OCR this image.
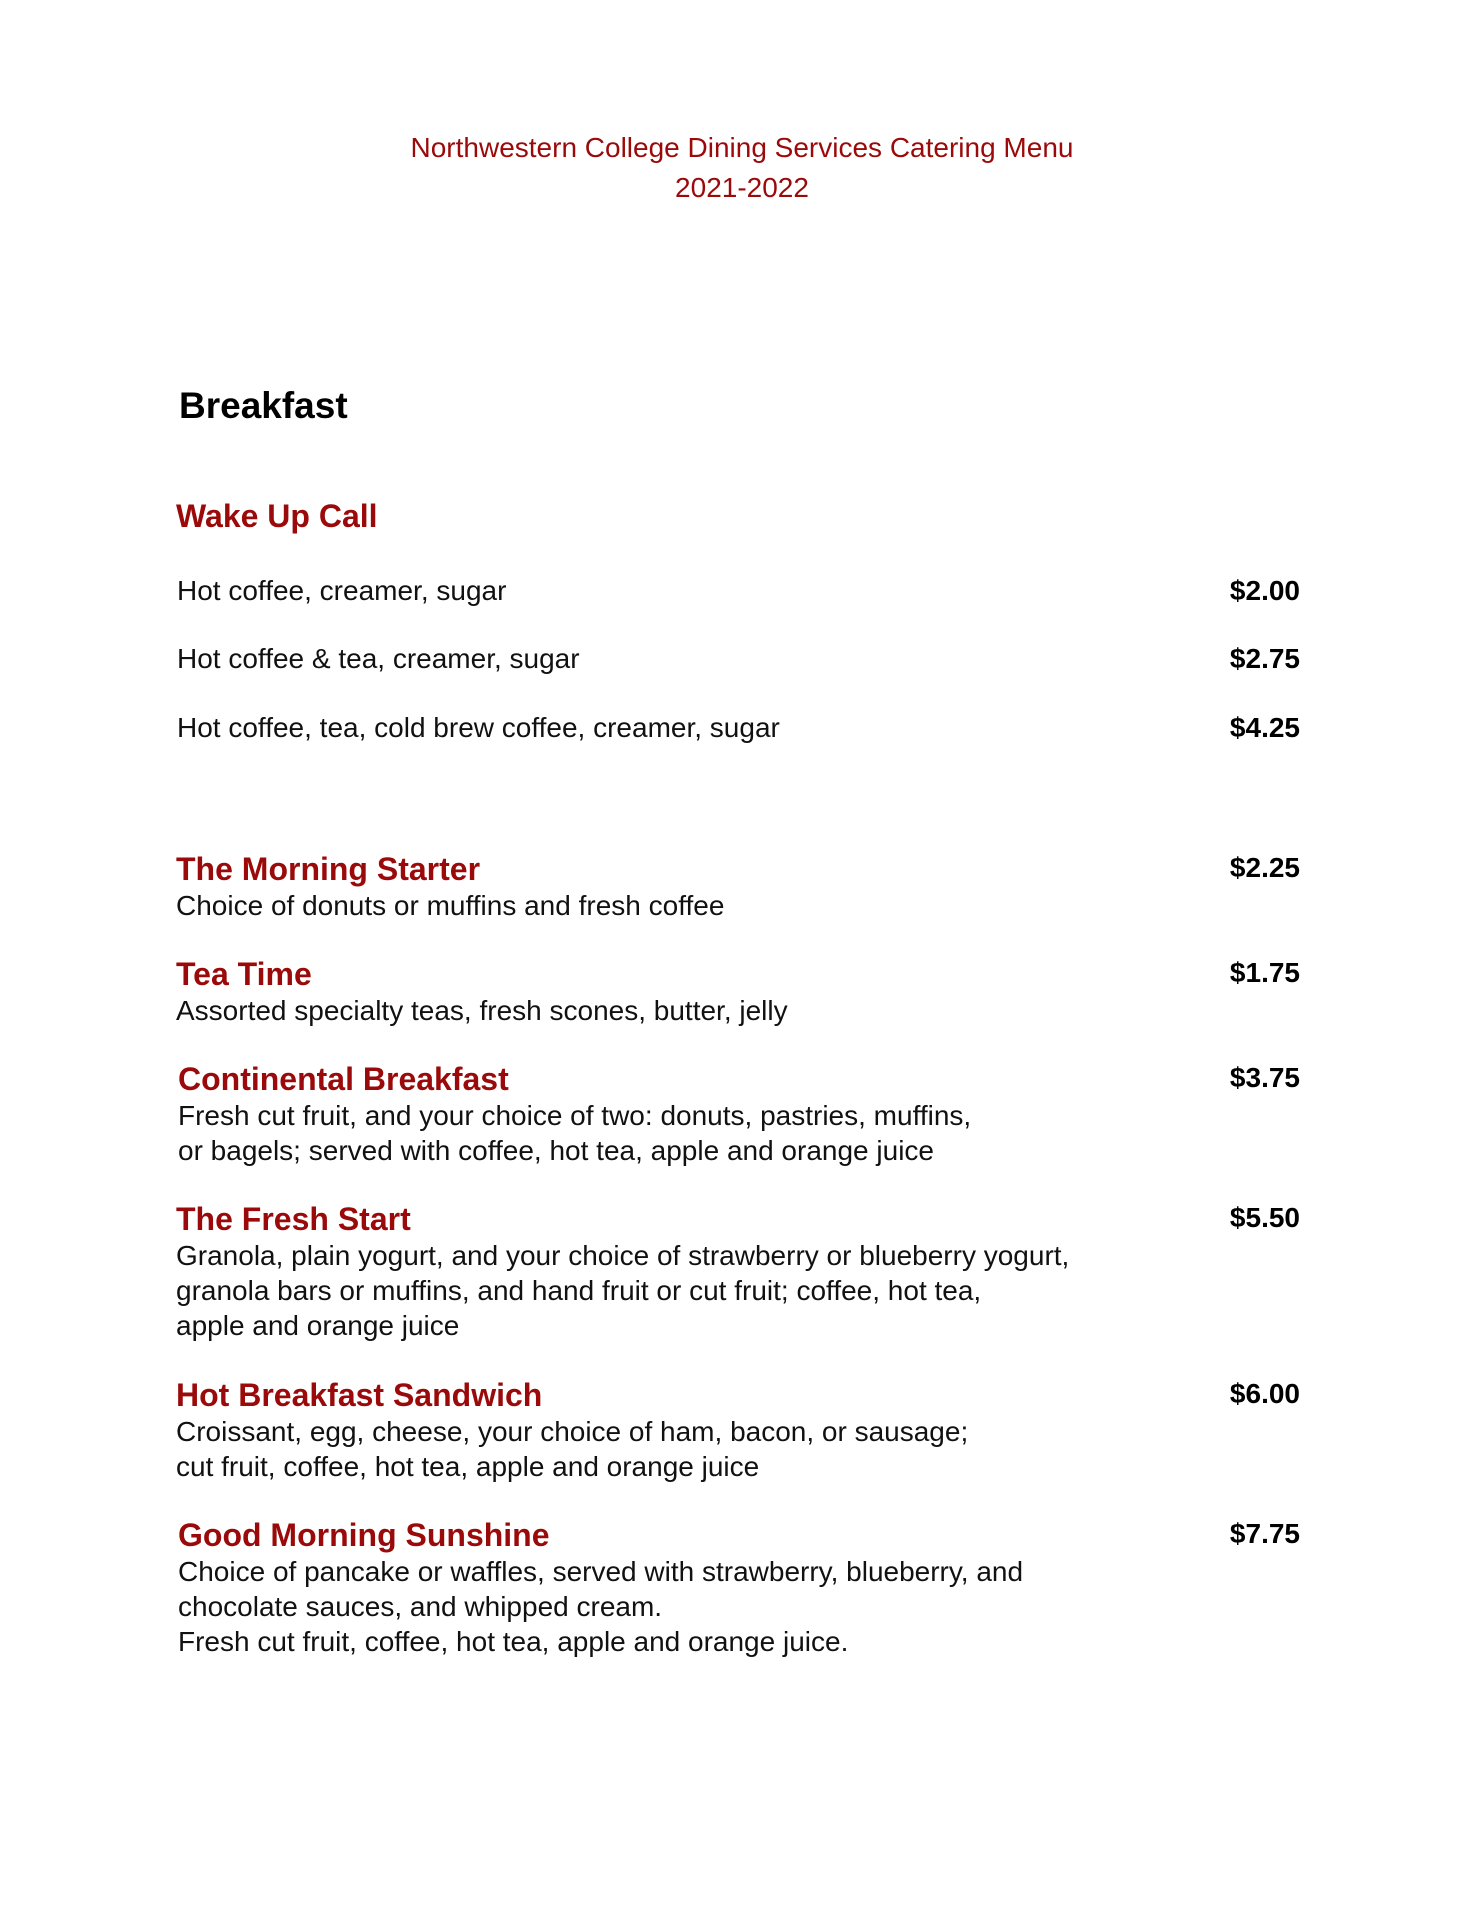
Northwestern College Dining Services Catering Menu
2021-2022
Breakfast
Wake Up Call
Hot coffee, creamer, sugar	$2.00
Hot coffee & tea, creamer, sugar	$2.75
Hot coffee, tea, cold brew coffee, creamer, sugar	$4.25
The Morning Starter	$2.25
Choice of donuts or muffins and fresh coffee
Tea Time	$1.75
Assorted specialty teas, fresh scones, butter, jelly
Continental Breakfast	$3.75
Fresh cut fruit, and your choice of two: donuts, pastries, muffins,
or bagels; served with coffee, hot tea, apple and orange juice
The Fresh Start	$5.50
Granola, plain yogurt, and your choice of strawberry or blueberry yogurt,
granola bars or muffins, and hand fruit or cut fruit; coffee, hot tea,
apple and orange juice
Hot Breakfast Sandwich	$6.00
Croissant, egg, cheese, your choice of ham, bacon, or sausage;
cut fruit, coffee, hot tea, apple and orange juice
Good Morning Sunshine	$7.75
Choice of pancake or waffles, served with strawberry, blueberry, and
chocolate sauces, and whipped cream.
Fresh cut fruit, coffee, hot tea, apple and orange juice.
